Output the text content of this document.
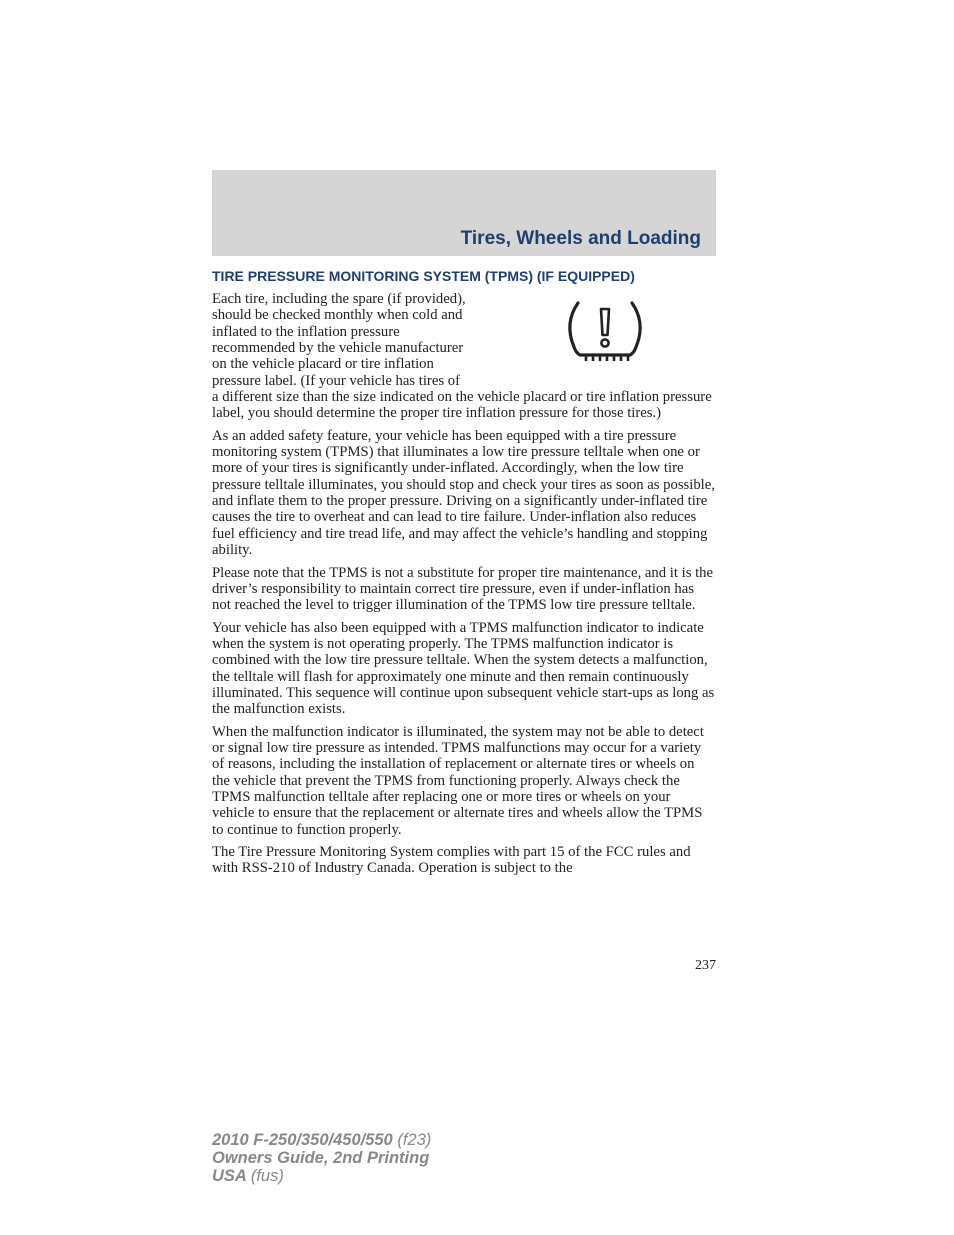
Tires, Wheels and Loading
TIRE PRESSURE MONITORING SYSTEM (TPMS) (IF EQUIPPED)

Each tire, including the spare (if provided), should be checked monthly when cold and inflated to the inflation pressure recommended by the vehicle manufacturer on the vehicle placard or tire inflation pressure label. (If your vehicle has tires of a different size than the size indicated on the vehicle placard or tire inflation pressure label, you should determine the proper tire inflation pressure for those tires.)

As an added safety feature, your vehicle has been equipped with a tire pressure monitoring system (TPMS) that illuminates a low tire pressure telltale when one or more of your tires is significantly under-inflated. Accordingly, when the low tire pressure telltale illuminates, you should stop and check your tires as soon as possible, and inflate them to the proper pressure. Driving on a significantly under-inflated tire causes the tire to overheat and can lead to tire failure. Under-inflation also reduces fuel efficiency and tire tread life, and may affect the vehicle’s handling and stopping ability.

Please note that the TPMS is not a substitute for proper tire maintenance, and it is the driver’s responsibility to maintain correct tire pressure, even if under-inflation has not reached the level to trigger illumination of the TPMS low tire pressure telltale.

Your vehicle has also been equipped with a TPMS malfunction indicator to indicate when the system is not operating properly. The TPMS malfunction indicator is combined with the low tire pressure telltale. When the system detects a malfunction, the telltale will flash for approximately one minute and then remain continuously illuminated. This sequence will continue upon subsequent vehicle start-ups as long as the malfunction exists.

When the malfunction indicator is illuminated, the system may not be able to detect or signal low tire pressure as intended. TPMS malfunctions may occur for a variety of reasons, including the installation of replacement or alternate tires or wheels on the vehicle that prevent the TPMS from functioning properly. Always check the TPMS malfunction telltale after replacing one or more tires or wheels on your vehicle to ensure that the replacement or alternate tires and wheels allow the TPMS to continue to function properly.

The Tire Pressure Monitoring System complies with part 15 of the FCC rules and with RSS-210 of Industry Canada. Operation is subject to the

237
2010 F-250/350/450/550 (f23)
Owners Guide, 2nd Printing
USA (fus)
